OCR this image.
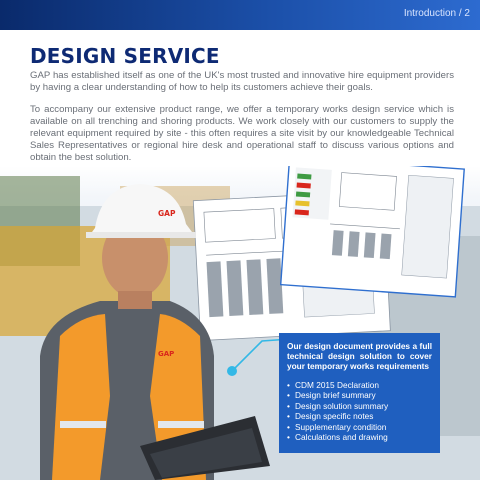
Introduction / 2
DESIGN SERVICE

GAP has established itself as one of the UK's most trusted and innovative hire equipment providers by having a clear understanding of how to help its customers achieve their goals.

To accompany our extensive product range, we offer a temporary works design service which is available on all trenching and shoring products. We work closely with our customers to supply the relevant equipment required by site - this often requires a site visit by our knowledgeable Technical Sales Representatives or regional hire desk and operational staff to discuss various options and obtain the best solution.

GAP
GAP

Our design document provides a full technical design solution to cover your temporary works requirements

• CDM 2015 Declaration
• Design brief summary
• Design solution summary
• Design specific notes
• Supplementary condition
• Calculations and drawing
